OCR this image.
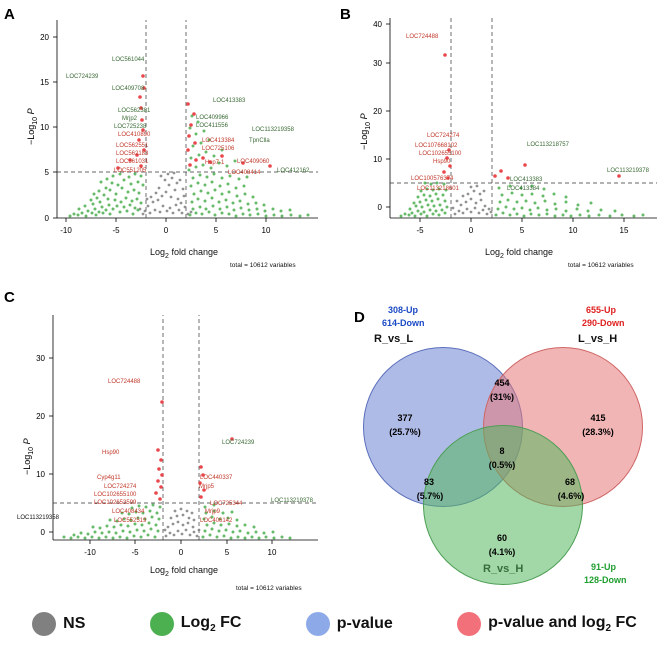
A
−Log$_{10}$ P
Log$_2$ fold change
total = 10612 variables
-10	-5	0	5	10
0
5
10
15
20
LOC561044
LOC724239
LOC409708
LOC562381
Mrjp2
LOC725238
LOC410890
LOC562551
LOC562183
LOC561031
LOC551205
LOC413383
LOC409966
LOC411556
LOC413384
LOC725106
TpnClla
LOC113219358
Hsp7-1 LOC409060
LOC408414	LOC412162
B
−Log$_{10}$ P
Log$_2$ fold change
total = 10612 variables
-5	0	5	10	15
0
10
20
30
40
LOC724488
LOC724274
LOC107668102
LOC102655100
Hsp90
LOC100576374
LOC113218601
LOC413383
LOC413384
LOC113218757
LOC113219378
C
−Log$_{10}$ P
Log$_2$ fold change
total = 10612 variables
-10	-5	0	5	10
0
10
20
30
LOC724488
Hsp90
Cyp4g11
LOC724274
LOC102655100
LOC102653599
LOC408434
LOC552519
LOC440337
Mrjp5
LOC725344
Mrjp9
LOC406142
LOC724239
LOC113219358
LOC113219378
D	308-Up
614-Down
R_vs_L
655-Up
290-Down
L_vs_H
91-Up
128-Down
377
(25.7%)
415
(28.3%)
60
(4.1%)
454
(31%)
83
(5.7%)
68
(4.6%)
8
(0.5%)
NS	Log$_2$ FC	p-value	p-value and $\log_2$ FC
